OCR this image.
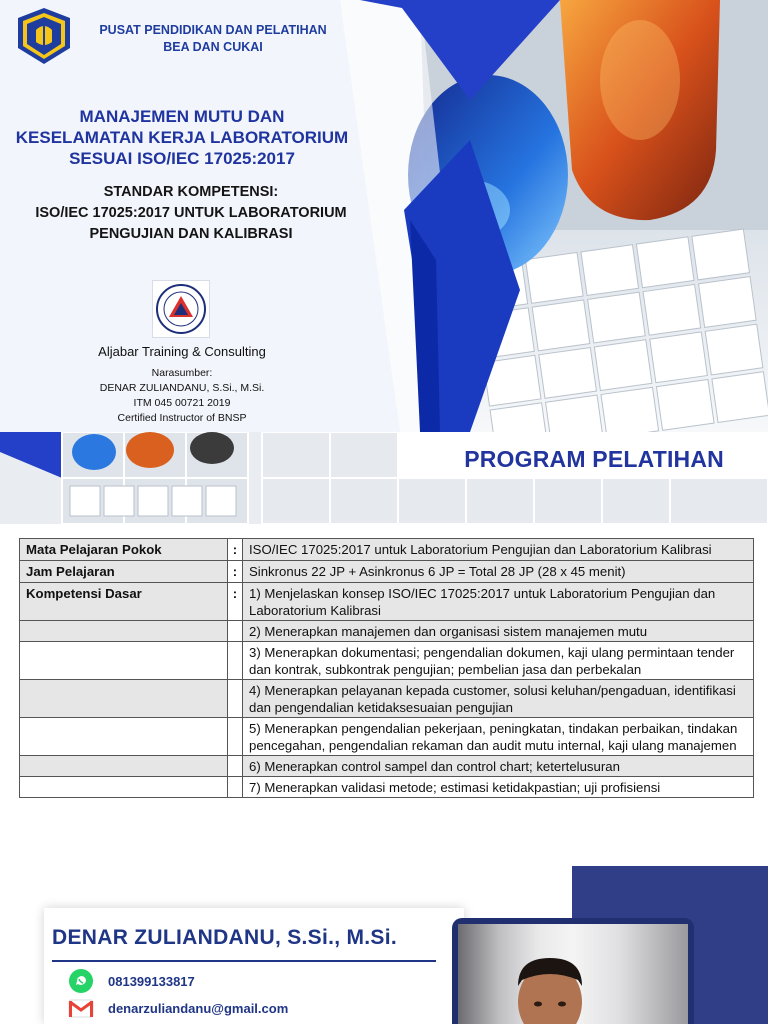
PUSAT PENDIDIKAN DAN PELATIHAN
BEA DAN CUKAI
MANAJEMEN MUTU DAN
KESELAMATAN KERJA LABORATORIUM
SESUAI ISO/IEC 17025:2017
STANDAR KOMPETENSI:
ISO/IEC 17025:2017 UNTUK LABORATORIUM
PENGUJIAN DAN KALIBRASI
Aljabar Training & Consulting
Narasumber:
DENAR ZULIANDANU, S.Si., M.Si.
ITM 045 00721 2019
Certified Instructor of BNSP
PROGRAM PELATIHAN
Mata Pelajaran Pokok	:	ISO/IEC 17025:2017 untuk Laboratorium Pengujian dan Laboratorium Kalibrasi
Jam Pelajaran	:	Sinkronus 22 JP + Asinkronus 6 JP = Total 28 JP (28 x 45 menit)
Kompetensi Dasar	:	1) Menjelaskan konsep ISO/IEC 17025:2017 untuk Laboratorium Pengujian dan Laboratorium Kalibrasi
		2) Menerapkan manajemen dan organisasi sistem manajemen mutu
		3) Menerapkan dokumentasi; pengendalian dokumen, kaji ulang permintaan tender dan kontrak, subkontrak pengujian; pembelian jasa dan perbekalan
		4) Menerapkan pelayanan kepada customer, solusi keluhan/pengaduan, identifikasi dan pengendalian ketidaksesuaian pengujian
		5) Menerapkan pengendalian pekerjaan, peningkatan, tindakan perbaikan, tindakan pencegahan, pengendalian rekaman dan audit mutu internal, kaji ulang manajemen
		6) Menerapkan control sampel dan control chart; ketertelusuran
		7) Menerapkan validasi metode; estimasi ketidakpastian; uji profisiensi
DENAR ZULIANDANU, S.Si., M.Si.
081399133817
denarzuliandanu@gmail.com
